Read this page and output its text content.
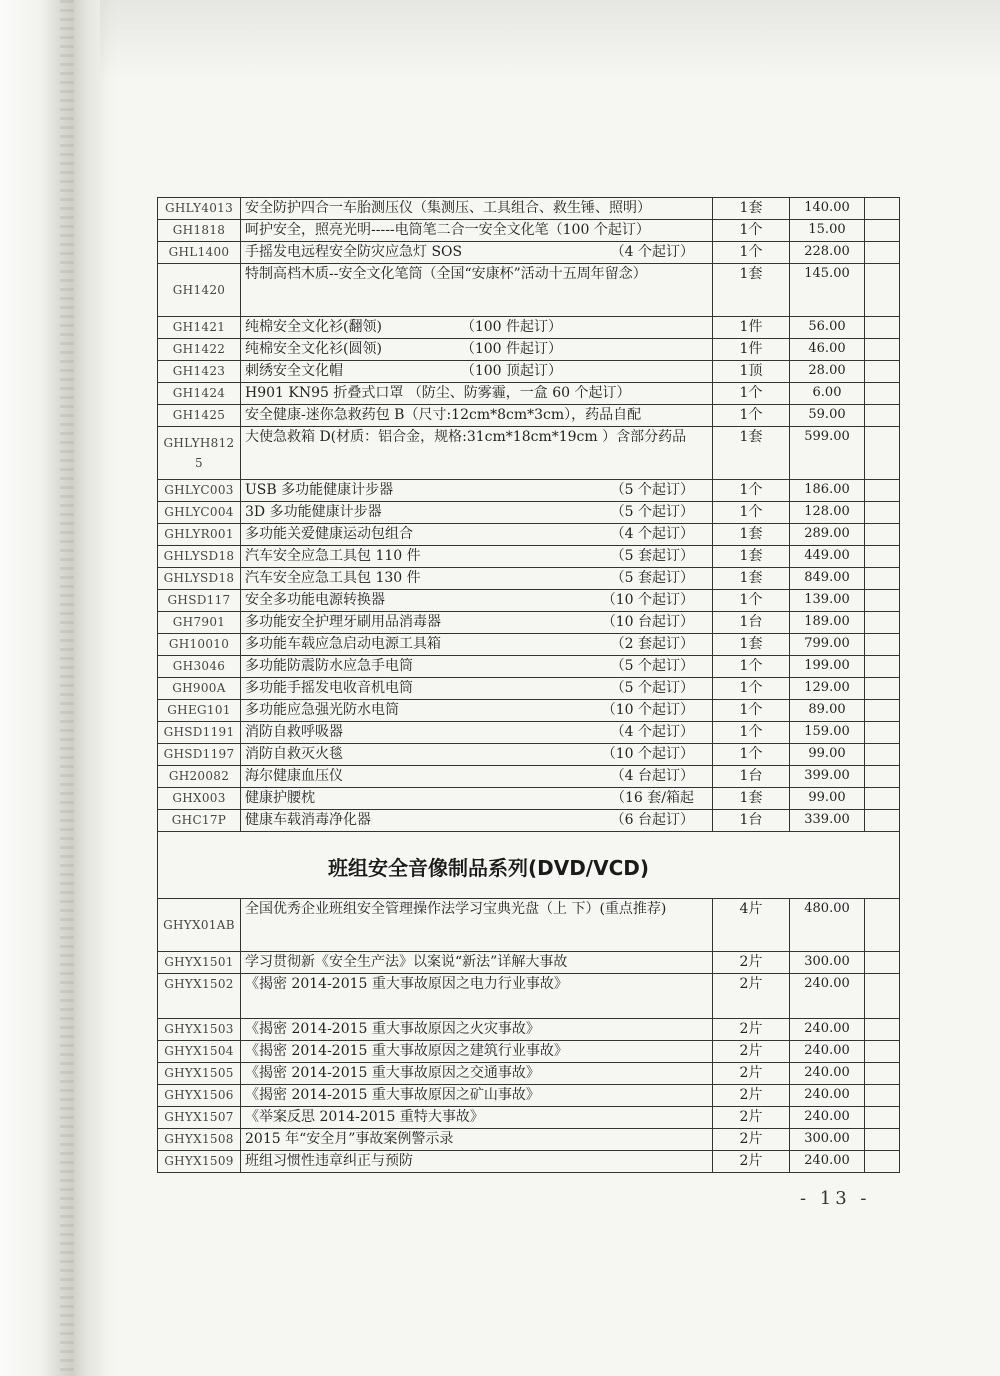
GHLY4013	安全防护四合一车胎测压仪（集测压、工具组合、救生锤、照明）	1套	140.00	
GH1818	呵护安全，照亮光明-----电筒笔二合一安全文化笔（100 个起订）	1个	15.00	
GHL1400	手摇发电远程安全防灾应急灯 SOS （4 个起订）	1个	228.00	
GH1420	特制高档木质--安全文化笔筒（全国“安康杯”活动十五周年留念）	1套	145.00	
GH1421	纯棉安全文化衫(翻领) （100 件起订）	1件	56.00	
GH1422	纯棉安全文化衫(圆领) （100 件起订）	1件	46.00	
GH1423	刺绣安全文化帽 （100 顶起订）	1顶	28.00	
GH1424	H901 KN95 折叠式口罩 （防尘、防雾霾，一盒 60 个起订）	1个	6.00	
GH1425	安全健康-迷你急救药包 B（尺寸:12cm*8cm*3cm），药品自配	1个	59.00	
GHLYH8125	大使急救箱 D(材质：铝合金，规格:31cm*18cm*19cm ）含部分药品	1套	599.00	
GHLYC003	USB 多功能健康计步器 （5 个起订）	1个	186.00	
GHLYC004	3D 多功能健康计步器 （5 个起订）	1个	128.00	
GHLYR001	多功能关爱健康运动包组合 （4 个起订）	1套	289.00	
GHLYSD18	汽车安全应急工具包 110 件 （5 套起订）	1套	449.00	
GHLYSD18	汽车安全应急工具包 130 件 （5 套起订）	1套	849.00	
GHSD117	安全多功能电源转换器 （10 个起订）	1个	139.00	
GH7901	多功能安全护理牙刷用品消毒器 （10 台起订）	1台	189.00	
GH10010	多功能车载应急启动电源工具箱 （2 套起订）	1套	799.00	
GH3046	多功能防震防水应急手电筒 （5 个起订）	1个	199.00	
GH900A	多功能手摇发电收音机电筒 （5 个起订）	1个	129.00	
GHEG101	多功能应急强光防水电筒 （10 个起订）	1个	89.00	
GHSD1191	消防自救呼吸器 （4 个起订）	1个	159.00	
GHSD1197	消防自救灭火毯 （10 个起订）	1个	99.00	
GH20082	海尔健康血压仪 （4 台起订）	1台	399.00	
GHX003	健康护腰枕 （16 套/箱起	1套	99.00	
GHC17P	健康车载消毒净化器 （6 台起订）	1台	339.00	
班组安全音像制品系列(DVD/VCD)				
GHYX01AB	全国优秀企业班组安全管理操作法学习宝典光盘（上 下）(重点推荐)	4片	480.00	
GHYX1501	学习贯彻新《安全生产法》以案说“新法”详解大事故	2片	300.00	
GHYX1502	《揭密 2014-2015 重大事故原因之电力行业事故》	2片	240.00	
GHYX1503	《揭密 2014-2015 重大事故原因之火灾事故》	2片	240.00	
GHYX1504	《揭密 2014-2015 重大事故原因之建筑行业事故》	2片	240.00	
GHYX1505	《揭密 2014-2015 重大事故原因之交通事故》	2片	240.00	
GHYX1506	《揭密 2014-2015 重大事故原因之矿山事故》	2片	240.00	
GHYX1507	《举案反思 2014-2015 重特大事故》	2片	240.00	
GHYX1508	2015 年“安全月”事故案例警示录	2片	300.00	
GHYX1509	班组习惯性违章纠正与预防	2片	240.00	
- 13 -
